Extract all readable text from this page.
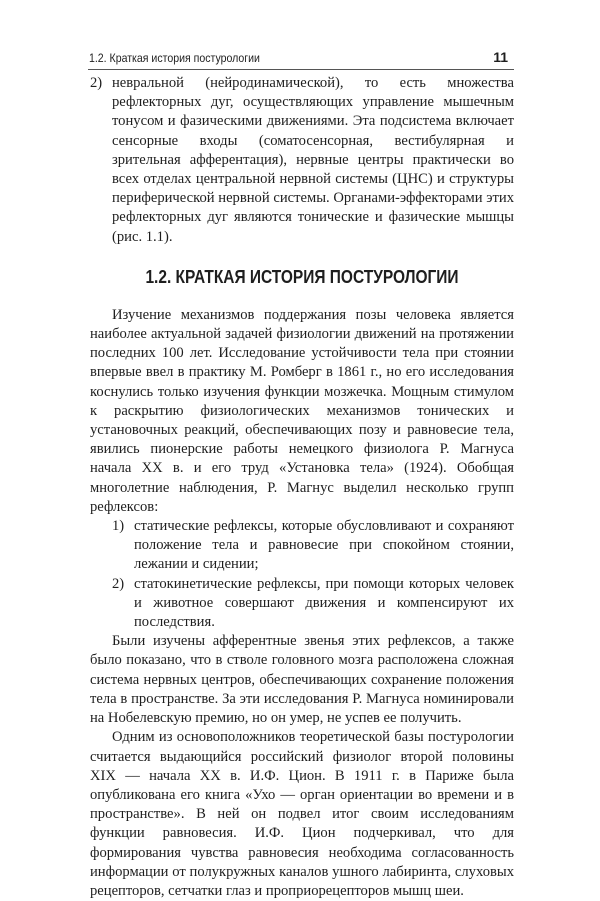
1.2. Краткая история постурологии	11
2) невральной (нейродинамической), то есть множества рефлекторных дуг, осуществляющих управление мышечным тонусом и фазическими движениями. Эта подсистема включает сенсорные входы (соматосенсорная, вестибулярная и зрительная афферентация), нервные центры практически во всех отделах центральной нервной системы (ЦНС) и структуры периферической нервной системы. Органами-эффекторами этих рефлекторных дуг являются тонические и фазические мышцы (рис. 1.1).
1.2. КРАТКАЯ ИСТОРИЯ ПОСТУРОЛОГИИ

Изучение механизмов поддержания позы человека является наиболее актуальной задачей физиологии движений на протяжении последних 100 лет. Исследование устойчивости тела при стоянии впервые ввел в практику М. Ромберг в 1861 г., но его исследования коснулись только изучения функции мозжечка. Мощным стимулом к раскрытию физиологических механизмов тонических и установочных реакций, обеспечивающих позу и равновесие тела, явились пионерские работы немецкого физиолога Р. Магнуса начала XX в. и его труд «Установка тела» (1924). Обобщая многолетние наблюдения, Р. Магнус выделил несколько групп рефлексов:

1) статические рефлексы, которые обусловливают и сохраняют положение тела и равновесие при спокойном стоянии, лежании и сидении;
2) статокинетические рефлексы, при помощи которых человек и животное совершают движения и компенсируют их последствия.

Были изучены афферентные звенья этих рефлексов, а также было показано, что в стволе головного мозга расположена сложная система нервных центров, обеспечивающих сохранение положения тела в пространстве. За эти исследования Р. Магнуса номинировали на Нобелевскую премию, но он умер, не успев ее получить.

Одним из основоположников теоретической базы постурологии считается выдающийся российский физиолог второй половины XIX — начала XX в. И.Ф. Цион. В 1911 г. в Париже была опубликована его книга «Ухо — орган ориентации во времени и в пространстве». В ней он подвел итог своим исследованиям функции равновесия. И.Ф. Цион подчеркивал, что для формирования чувства равновесия необходима согласованность информации от полукружных каналов ушного лабиринта, слуховых рецепторов, сетчатки глаз и проприорецепторов мышц шеи.
